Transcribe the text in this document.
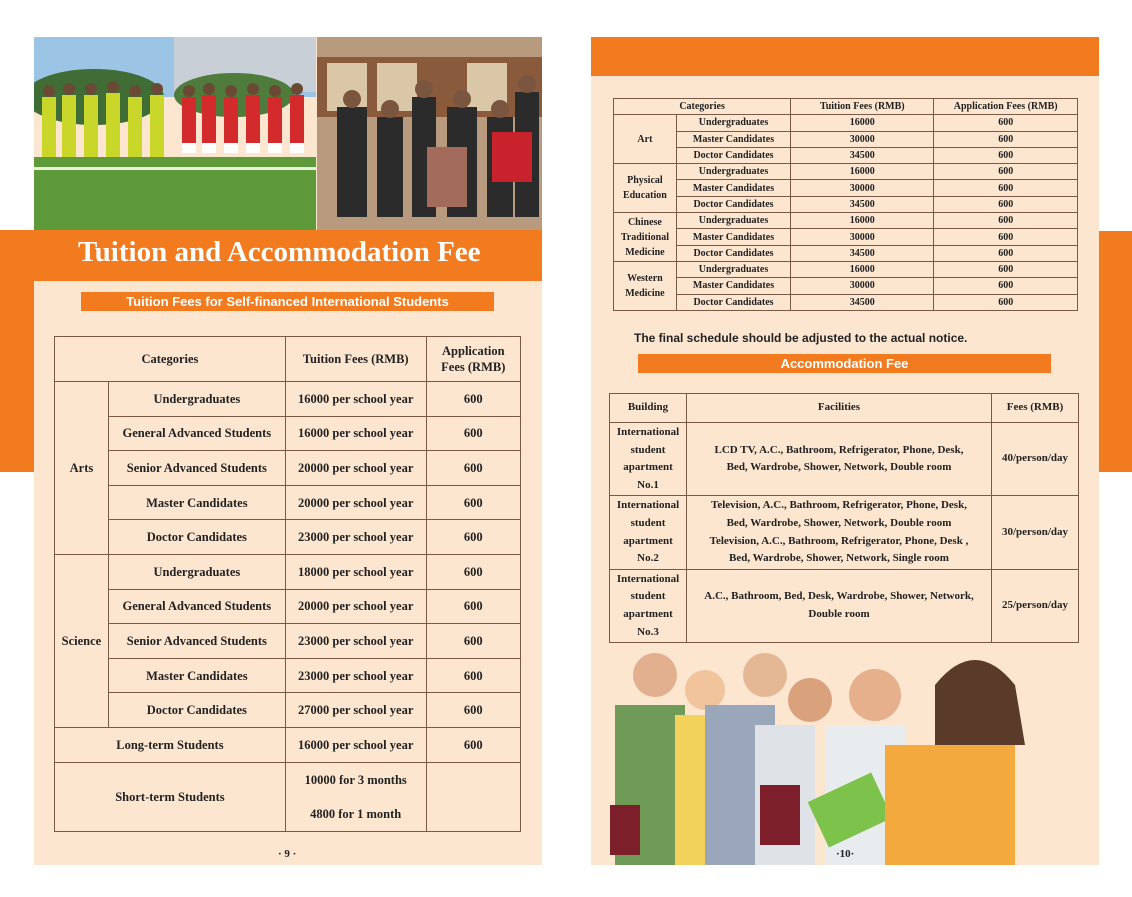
Tuition and Accommodation Fee
Tuition Fees for Self-financed International Students
Categories		Tuition Fees (RMB)	Application
Fees (RMB)
Arts	Undergraduates	16000 per school year	600
	General Advanced Students	16000 per school year	600
	Senior Advanced Students	20000 per school year	600
	Master Candidates	20000 per school year	600
	Doctor Candidates	23000 per school year	600
Science	Undergraduates	18000 per school year	600
	General Advanced Students	20000 per school year	600
	Senior Advanced Students	23000 per school year	600
	Master Candidates	23000 per school year	600
	Doctor Candidates	27000 per school year	600
Long-term Students		16000 per school year	600
Short-term Students		10000 for 3 months
4800 for 1 month	

· 9 ·
Categories		Tuition Fees (RMB)	Application Fees (RMB)
Art	Undergraduates	16000	600
	Master Candidates	30000	600
	Doctor Candidates	34500	600
Physical Education	Undergraduates	16000	600
	Master Candidates	30000	600
	Doctor Candidates	34500	600
Chinese Traditional Medicine	Undergraduates	16000	600
	Master Candidates	30000	600
	Doctor Candidates	34500	600
Western Medicine	Undergraduates	16000	600
	Master Candidates	30000	600
	Doctor Candidates	34500	600
The final schedule should be adjusted to the actual notice.
Accommodation Fee
Building	Facilities	Fees (RMB)
International student apartment No.1	LCD TV, A.C., Bathroom, Refrigerator, Phone, Desk,
Bed, Wardrobe, Shower, Network, Double room	40/person/day
International student apartment No.2	Television, A.C., Bathroom, Refrigerator, Phone, Desk,
Bed, Wardrobe, Shower, Network, Double room
Television, A.C., Bathroom, Refrigerator, Phone, Desk ,
Bed, Wardrobe, Shower, Network, Single room	30/person/day
International student apartment No.3	A.C., Bathroom, Bed, Desk, Wardrobe, Shower, Network,
Double room	25/person/day
·10·
